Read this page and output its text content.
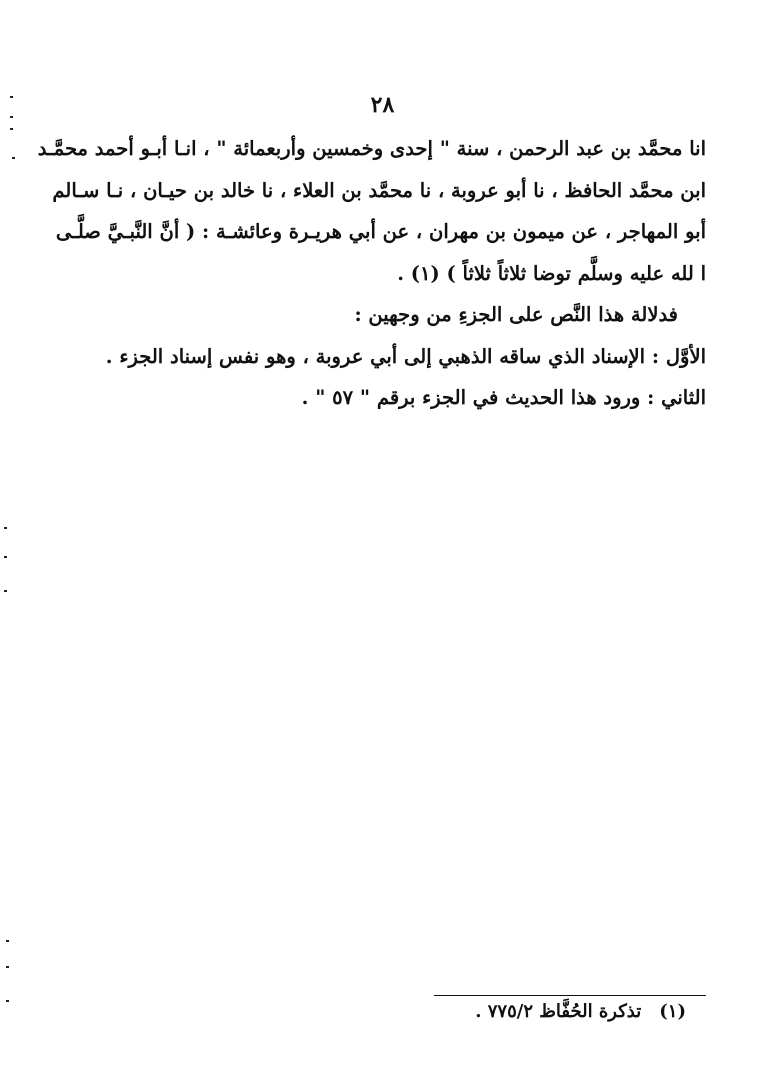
٢٨

انا محمَّد بن عبد الرحمن ، سنة " إحدى وخمسين وأربعمائة " ، انـا أبـو أحمد محمَّـد

ابن محمَّد الحافظ ، نا أبو عروبة ، نا محمَّد بن العلاء ، نا خالد بن حيـان ، نـا سـالم

أبو المهاجر ، عن ميمون بن مهران ، عن أبي هريـرة وعائشـة : ( أنَّ النَّبـيَّ صلَّـى

ا لله عليه وسلَّم توضا ثلاثاً ثلاثاً ) (١) .

فدلالة هذا النَّص على الجزءِ من وجهين :

الأوَّل : الإسناد الذي ساقه الذهبي إلى أبي عروبة ، وهو نفس إسناد الجزء .

الثاني : ورود هذا الحديث في الجزء برقم " ٥٧ " .

(١)تذكرة الحُفَّاظ ٧٧٥/٢ .
